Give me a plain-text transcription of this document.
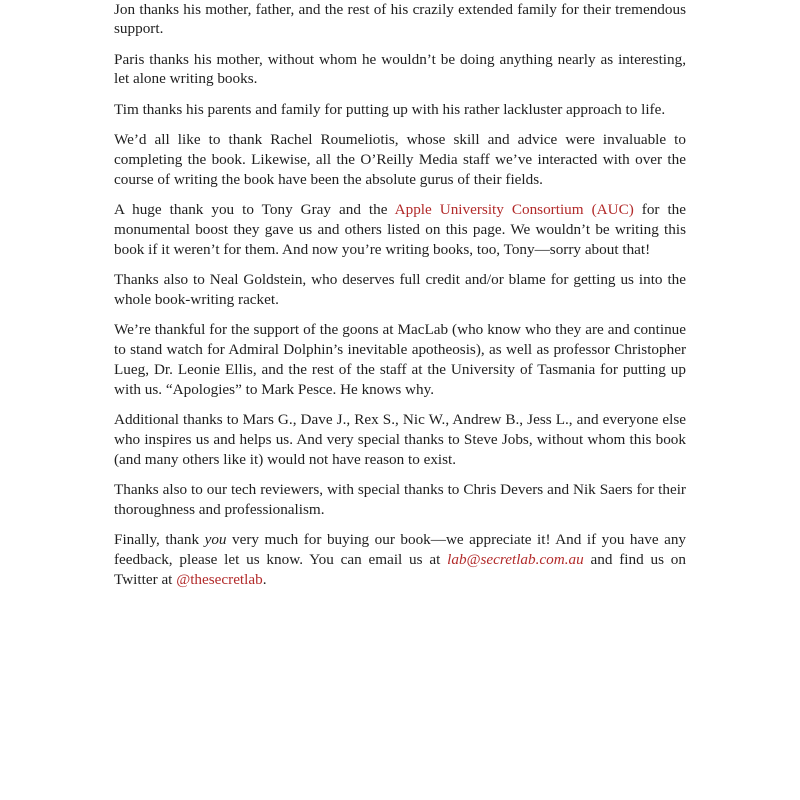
Jon thanks his mother, father, and the rest of his crazily extended family for their tremendous support.

Paris thanks his mother, without whom he wouldn’t be doing anything nearly as interesting, let alone writing books.

Tim thanks his parents and family for putting up with his rather lackluster approach to life.

We’d all like to thank Rachel Roumeliotis, whose skill and advice were invaluable to completing the book. Likewise, all the O’Reilly Media staff we’ve interacted with over the course of writing the book have been the absolute gurus of their fields.

A huge thank you to Tony Gray and the Apple University Consortium (AUC) for the monumental boost they gave us and others listed on this page. We wouldn’t be writing this book if it weren’t for them. And now you’re writing books, too, Tony—sorry about that!

Thanks also to Neal Goldstein, who deserves full credit and/or blame for getting us into the whole book-writing racket.

We’re thankful for the support of the goons at MacLab (who know who they are and continue to stand watch for Admiral Dolphin’s inevitable apotheosis), as well as professor Christopher Lueg, Dr. Leonie Ellis, and the rest of the staff at the University of Tasmania for putting up with us. “Apologies” to Mark Pesce. He knows why.

Additional thanks to Mars G., Dave J., Rex S., Nic W., Andrew B., Jess L., and everyone else who inspires us and helps us. And very special thanks to Steve Jobs, without whom this book (and many others like it) would not have reason to exist.

Thanks also to our tech reviewers, with special thanks to Chris Devers and Nik Saers for their thoroughness and professionalism.

Finally, thank you very much for buying our book—we appreciate it! And if you have any feedback, please let us know. You can email us at lab@secretlab.com.au and find us on Twitter at @thesecretlab.
